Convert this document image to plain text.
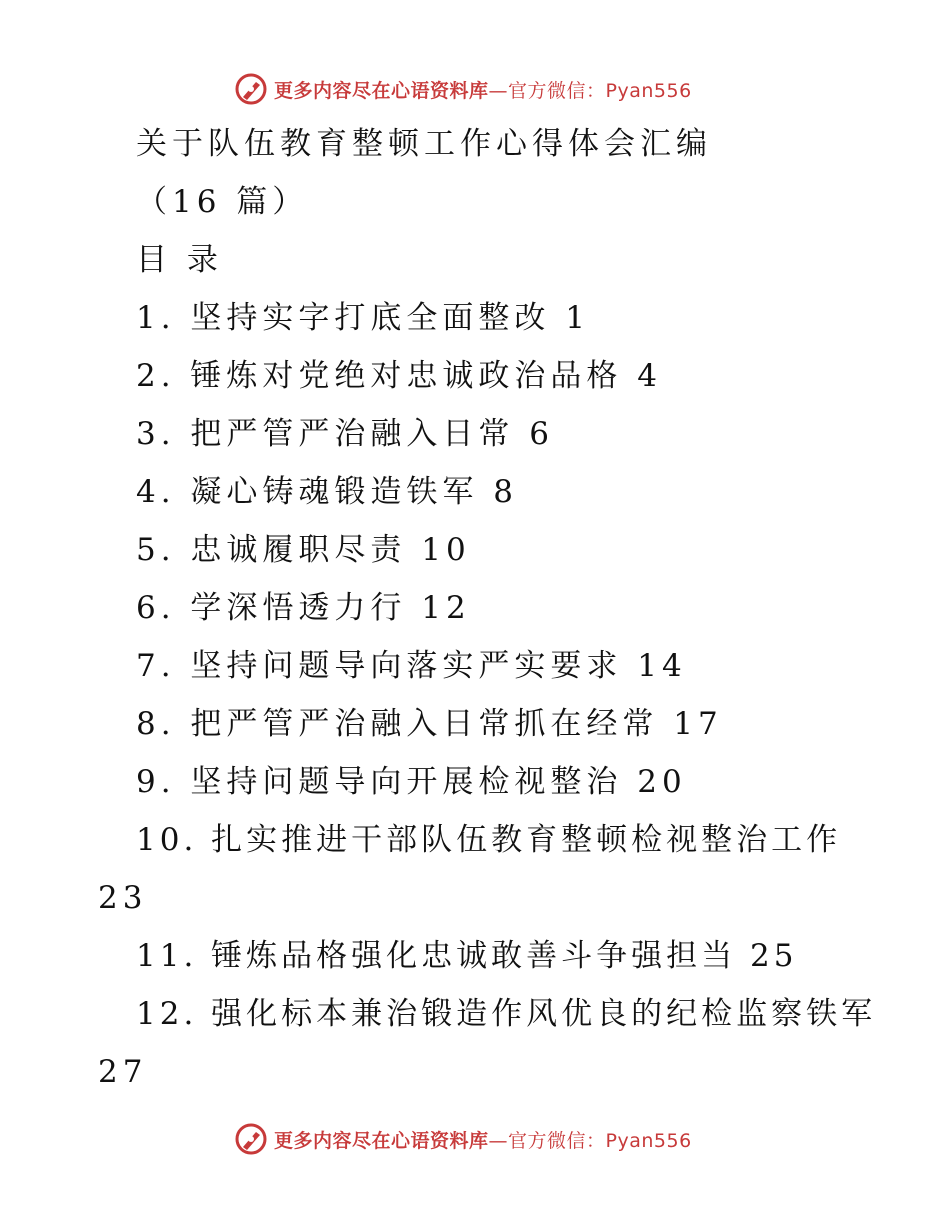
更多内容尽在心语资料库—官方微信：Pyan556
关于队伍教育整顿工作心得体会汇编
（16 篇）
目 录
1. 坚持实字打底全面整改 1
2. 锤炼对党绝对忠诚政治品格 4
3. 把严管严治融入日常 6
4. 凝心铸魂锻造铁军 8
5. 忠诚履职尽责 10
6. 学深悟透力行 12
7. 坚持问题导向落实严实要求 14
8. 把严管严治融入日常抓在经常 17
9. 坚持问题导向开展检视整治 20
10. 扎实推进干部队伍教育整顿检视整治工作
23
11. 锤炼品格强化忠诚敢善斗争强担当 25
12. 强化标本兼治锻造作风优良的纪检监察铁军
27
更多内容尽在心语资料库—官方微信：Pyan556
